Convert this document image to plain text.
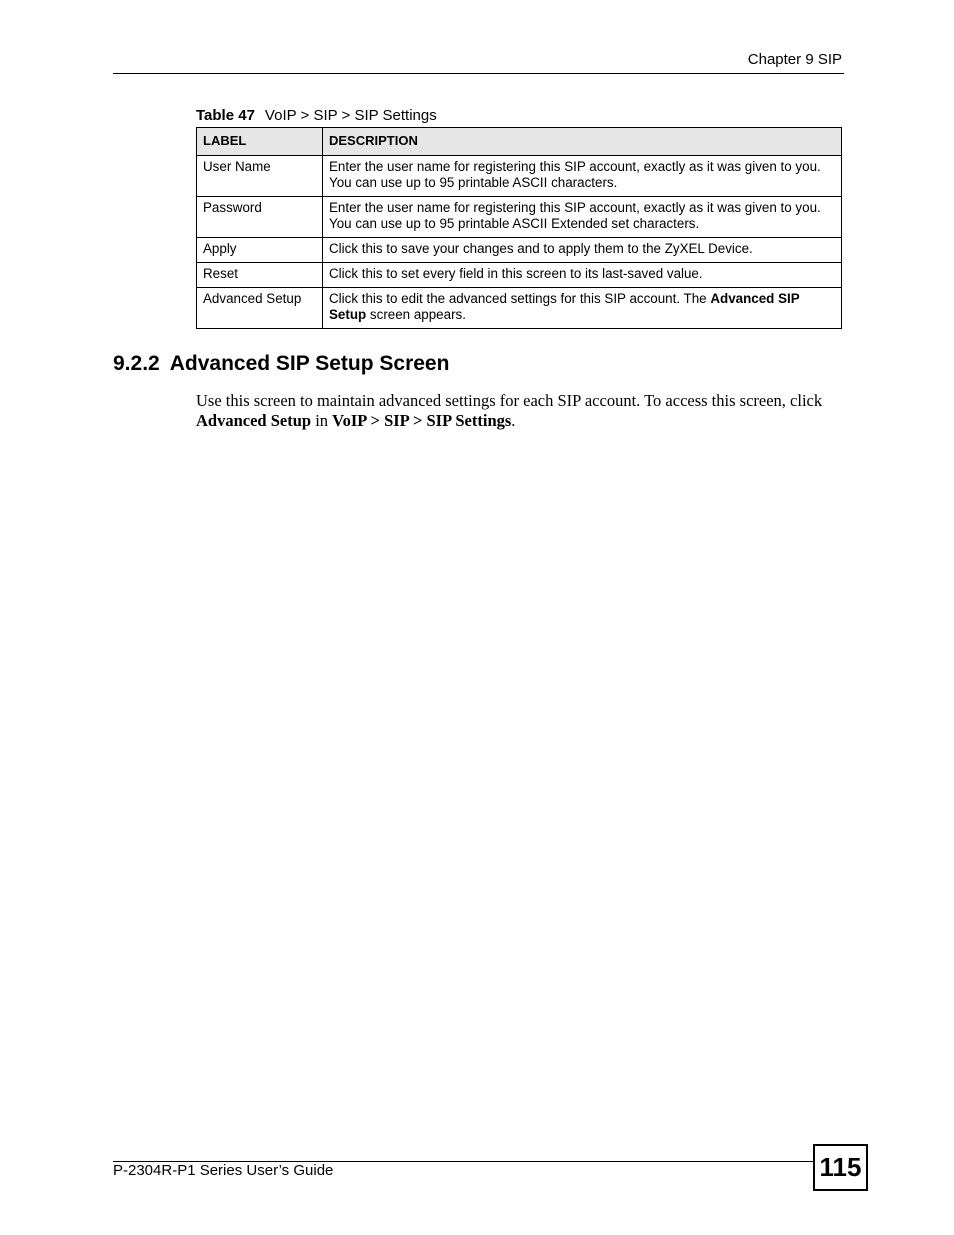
Chapter 9 SIP
Table 47 VoIP > SIP > SIP Settings
LABEL	DESCRIPTION
User Name	Enter the user name for registering this SIP account, exactly as it was given to you. You can use up to 95 printable ASCII characters.
Password	Enter the user name for registering this SIP account, exactly as it was given to you. You can use up to 95 printable ASCII Extended set characters.
Apply	Click this to save your changes and to apply them to the ZyXEL Device.
Reset	Click this to set every field in this screen to its last-saved value.
Advanced Setup	Click this to edit the advanced settings for this SIP account. The Advanced SIP Setup screen appears.
9.2.2 Advanced SIP Setup Screen
Use this screen to maintain advanced settings for each SIP account. To access this screen, click Advanced Setup in VoIP > SIP > SIP Settings.
P-2304R-P1 Series User’s Guide	115
